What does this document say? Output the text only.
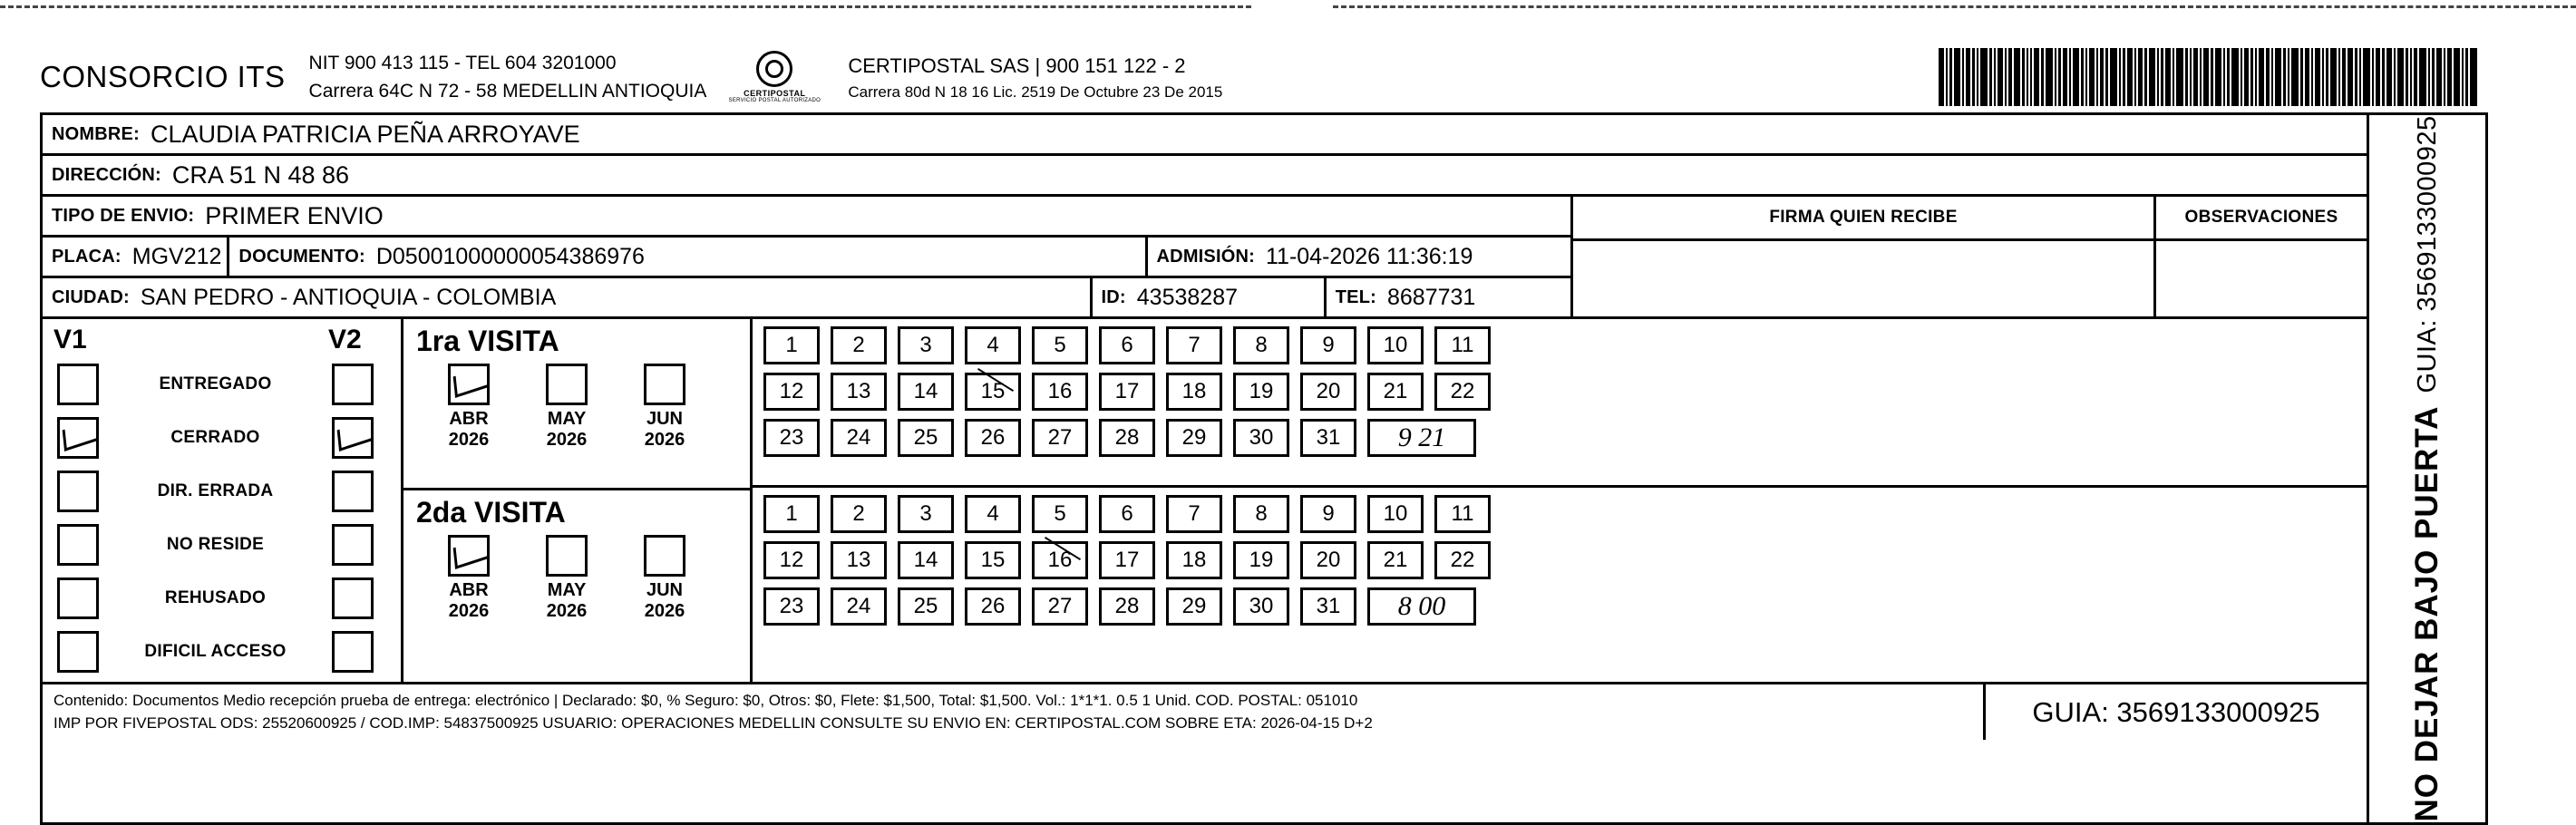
CONSORCIO ITS	NIT 900 413 115 - TEL 604 3201000
Carrera 64C N 72 - 58 MEDELLIN ANTIOQUIA	CERTIPOSTAL
SERVICIO POSTAL AUTORIZADO
CERTIPOSTAL SAS | 900 151 122 - 2
Carrera 80d N 18 16 Lic. 2519 De Octubre 23 De 2015
NOMBRE: CLAUDIA PATRICIA PEÑA ARROYAVE
DIRECCIÓN: CRA 51 N 48 86
TIPO DE ENVIO: PRIMER ENVIO
PLACA: MGV212 DOCUMENTO: D05001000000054386976	ADMISIÓN: 11-04-2026 11:36:19
CIUDAD: SAN PEDRO - ANTIOQUIA - COLOMBIA	ID: 43538287	TEL: 8687731
FIRMA QUIEN RECIBE	OBSERVACIONES
V1	V2
ENTREGADO
CERRADO
DIR. ERRADA
NO RESIDE
REHUSADO
DIFICIL ACCESO
1ra VISITA
ABR
2026
MAY
2026
JUN
2026
2da VISITA
ABR
2026
MAY
2026
JUN
2026
1	2	3	4	5	6	7	8	9	10	11
12	13	14	15	16	17	18	19	20	21	22
23	24	25	26	27	28	29	30	31	9 21
1	2	3	4	5	6	7	8	9	10	11
12	13	14	15	16	17	18	19	20	21	22
23	24	25	26	27	28	29	30	31	8 00
Contenido: Documentos Medio recepción prueba de entrega: electrónico | Declarado: $0, % Seguro: $0, Otros: $0, Flete: $1,500, Total: $1,500. Vol.: 1*1*1. 0.5 1 Unid. COD. POSTAL: 051010
IMP POR FIVEPOSTAL ODS: 25520600925 / COD.IMP: 54837500925 USUARIO: OPERACIONES MEDELLIN CONSULTE SU ENVIO EN: CERTIPOSTAL.COM SOBRE ETA: 2026-04-15 D+2	GUIA: 3569133000925	NO DEJAR BAJO PUERTA GUIA: 3569133000925
